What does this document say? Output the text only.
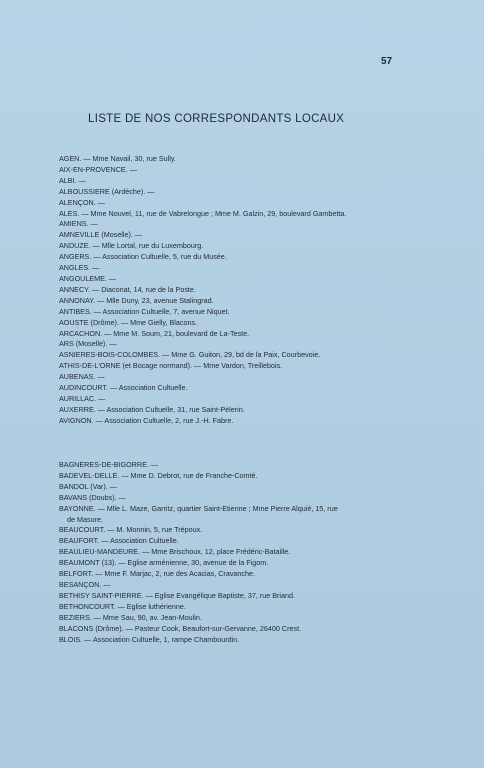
57
LISTE DE NOS CORRESPONDANTS LOCAUX
AGEN. — Mme Navail, 30, rue Sully.
AIX-EN-PROVENCE. —
ALBI. —
ALBOUSSIERE (Ardèche). —
ALENÇON. —
ALES. — Mme Nouvel, 11, rue de Vabrelongue ; Mme M. Galzin, 29, boulevard Gambetta.
AMIENS. —
AMNEVILLE (Moselle). —
ANDUZE. — Mlle Lortal, rue du Luxembourg.
ANGERS. — Association Cultuelle, 5, rue du Musée.
ANGLES. —
ANGOULEME. —
ANNECY. — Diaconat, 14, rue de la Poste.
ANNONAY. — Mlle Duny, 23, avenue Stalingrad.
ANTIBES. — Association Cultuelle, 7, avenue Niquet.
AOUSTE (Drôme). — Mme Gielly, Blacons.
ARCACHON. — Mme M. Soum, 21, boulevard de La-Teste.
ARS (Moselle). —
ASNIERES-BOIS-COLOMBES. — Mme G. Guiton, 29, bd de la Paix, Courbevoie.
ATHIS-DE-L'ORNE (et Bocage normand). — Mme Vardon, Treillebois.
AUBENAS. —
AUDINCOURT. — Association Cultuelle.
AURILLAC. —
AUXERRE. — Association Cultuelle, 31, rue Saint-Pèlerin.
AVIGNON. — Association Cultuelle, 2, rue J.-H. Fabre.
BAGNERES-DE-BIGORRE. —
BADEVEL-DELLE. — Mme D. Debrot, rue de Franche-Comté.
BANDOL (Var). —
BAVANS (Doubs). —
BAYONNE. — Mlle L. Maze, Garritz, quartier Saint-Etienne ; Mme Pierre Alquié, 15, rue
de Masure.
BEAUCOURT. — M. Monnin, 5, rue Trépoux.
BEAUFORT. — Association Cultuelle.
BEAULIEU-MANDEURE. — Mme Brischoux, 12, place Frédéric-Bataille.
BEAUMONT (13). — Eglise arménienne, 30, avenue de la Figom.
BELFORT. — Mme F. Marjac, 2, rue des Acacias, Cravanche.
BESANÇON. —
BETHISY SAINT-PIERRE. — Eglise Evangélique Baptiste, 37, rue Briand.
BETHONCOURT. — Eglise luthérienne.
BEZIERS. — Mme Sau, 90, av. Jean-Moulin.
BLACONS (Drôme). — Pasteur Cook, Beaufort-sur-Gervanne, 26400 Crest.
BLOIS. — Association Cultuelle, 1, rampe Chambourdin.
